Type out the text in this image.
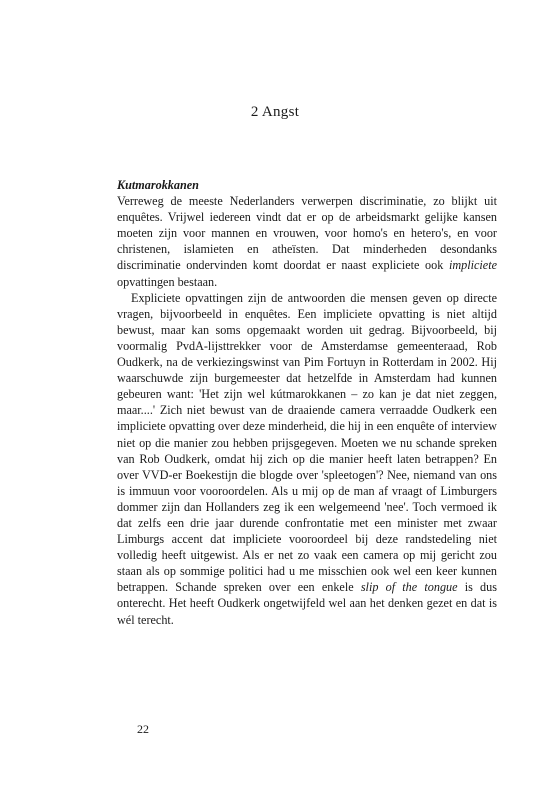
2 Angst
Kutmarokkanen

Verreweg de meeste Nederlanders verwerpen discriminatie, zo blijkt uit enquêtes. Vrijwel iedereen vindt dat er op de arbeidsmarkt gelijke kansen moeten zijn voor mannen en vrouwen, voor homo's en hetero's, en voor christenen, islamieten en atheïsten. Dat minderheden desondanks discriminatie ondervinden komt doordat er naast expliciete ook impliciete opvattingen bestaan.

Expliciete opvattingen zijn de antwoorden die mensen geven op directe vragen, bijvoorbeeld in enquêtes. Een impliciete opvatting is niet altijd bewust, maar kan soms opgemaakt worden uit gedrag. Bijvoorbeeld, bij voormalig PvdA-lijsttrekker voor de Amsterdamse gemeenteraad, Rob Oudkerk, na de verkiezingswinst van Pim Fortuyn in Rotterdam in 2002. Hij waarschuwde zijn burgemeester dat hetzelfde in Amsterdam had kunnen gebeuren want: 'Het zijn wel kútmarokkanen – zo kan je dat niet zeggen, maar....' Zich niet bewust van de draaiende camera verraadde Oudkerk een impliciete opvatting over deze minderheid, die hij in een enquête of interview niet op die manier zou hebben prijsgegeven. Moeten we nu schande spreken van Rob Oudkerk, omdat hij zich op die manier heeft laten betrappen? En over VVD-er Boekestijn die blogde over 'spleetogen'? Nee, niemand van ons is immuun voor vooroordelen. Als u mij op de man af vraagt of Limburgers dommer zijn dan Hollanders zeg ik een welgemeend 'nee'. Toch vermoed ik dat zelfs een drie jaar durende confrontatie met een minister met zwaar Limburgs accent dat impliciete vooroordeel bij deze randstedeling niet volledig heeft uitgewist. Als er net zo vaak een camera op mij gericht zou staan als op sommige politici had u me misschien ook wel een keer kunnen betrappen. Schande spreken over een enkele slip of the tongue is dus onterecht. Het heeft Oudkerk ongetwijfeld wel aan het denken gezet en dat is wél terecht.

22
